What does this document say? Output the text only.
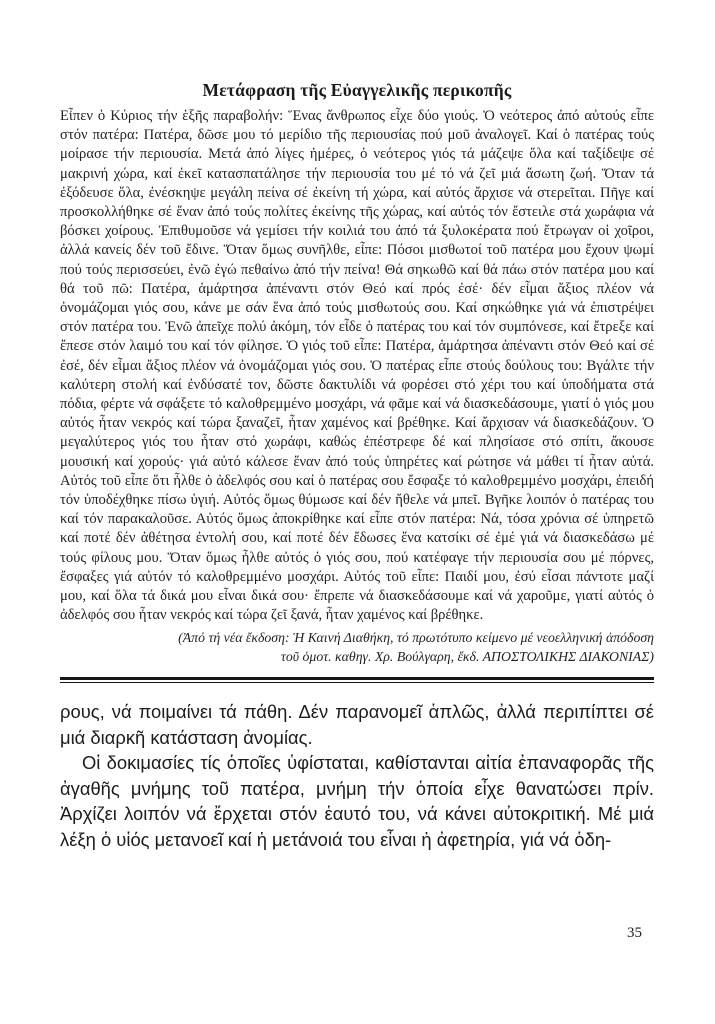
Μετάφραση τῆς Εὐαγγελικῆς περικοπῆς
Εἶπεν ὁ Κύριος τήν ἑξῆς παραβολήν: Ἕνας ἄνθρωπος εἶχε δύο γιούς. Ὁ νεότερος ἀπό αὐτούς εἶπε στόν πατέρα: Πατέρα, δῶσε μου τό μερίδιο τῆς περιουσίας πού μοῦ ἀναλογεῖ. Καί ὁ πατέρας τούς μοίρασε τήν περιουσία. Μετά ἀπό λίγες ἡμέρες, ὁ νεότερος γιός τά μάζεψε ὅλα καί ταξίδεψε σέ μακρινή χώρα, καί ἐκεῖ κατασπατάλησε τήν περιουσία του μέ τό νά ζεῖ μιά ἄσωτη ζωή. Ὅταν τά ἐξόδευσε ὅλα, ἐνέσκηψε μεγάλη πείνα σέ ἐκείνη τή χώρα, καί αὐτός ἄρχισε νά στερεῖται. Πῆγε καί προσκολλήθηκε σέ ἕναν ἀπό τούς πολίτες ἐκείνης τῆς χώρας, καί αὐτός τόν ἔστειλε στά χωράφια νά βόσκει χοίρους. Ἐπιθυμοῦσε νά γεμίσει τήν κοιλιά του ἀπό τά ξυλοκέρατα πού ἔτρωγαν οἱ χοῖροι, ἀλλά κανείς δέν τοῦ ἔδινε. Ὅταν ὅμως συνῆλθε, εἶπε: Πόσοι μισθωτοί τοῦ πατέρα μου ἔχουν ψωμί πού τούς περισσεύει, ἐνῶ ἐγώ πεθαίνω ἀπό τήν πείνα! Θά σηκωθῶ καί θά πάω στόν πατέρα μου καί θά τοῦ πῶ: Πατέρα, ἁμάρτησα ἀπέναντι στόν Θεό καί πρός ἐσέ· δέν εἶμαι ἄξιος πλέον νά ὀνομάζομαι γιός σου, κάνε με σάν ἕνα ἀπό τούς μισθωτούς σου. Καί σηκώθηκε γιά νά ἐπιστρέψει στόν πατέρα του. Ἐνῶ ἀπεῖχε πολύ ἀκόμη, τόν εἶδε ὁ πατέρας του καί τόν συμπόνεσε, καί ἔτρεξε καί ἔπεσε στόν λαιμό του καί τόν φίλησε. Ὁ γιός τοῦ εἶπε: Πατέρα, ἁμάρτησα ἀπέναντι στόν Θεό καί σέ ἐσέ, δέν εἶμαι ἄξιος πλέον νά ὀνομάζομαι γιός σου. Ὁ πατέρας εἶπε στούς δούλους του: Βγάλτε τήν καλύτερη στολή καί ἐνδύσατέ τον, δῶστε δακτυλίδι νά φορέσει στό χέρι του καί ὑποδήματα στά πόδια, φέρτε νά σφάξετε τό καλοθρεμμένο μοσχάρι, νά φᾶμε καί νά διασκεδάσουμε, γιατί ὁ γιός μου αὐτός ἦταν νεκρός καί τώρα ξαναζεῖ, ἦταν χαμένος καί βρέθηκε. Καί ἄρχισαν νά διασκεδάζουν. Ὁ μεγαλύτερος γιός του ἦταν στό χωράφι, καθώς ἐπέστρεφε δέ καί πλησίασε στό σπίτι, ἄκουσε μουσική καί χορούς· γιά αὐτό κάλεσε ἕναν ἀπό τούς ὑπηρέτες καί ρώτησε νά μάθει τί ἦταν αὐτά. Αὐτός τοῦ εἶπε ὅτι ἦλθε ὁ ἀδελφός σου καί ὁ πατέρας σου ἔσφαξε τό καλοθρεμμένο μοσχάρι, ἐπειδή τόν ὑποδέχθηκε πίσω ὑγιή. Αὐτός ὅμως θύμωσε καί δέν ἤθελε νά μπεῖ. Βγῆκε λοιπόν ὁ πατέρας του καί τόν παρακαλοῦσε. Αὐτός ὅμως ἀποκρίθηκε καί εἶπε στόν πατέρα: Νά, τόσα χρόνια σέ ὑπηρετῶ καί ποτέ δέν ἀθέτησα ἐντολή σου, καί ποτέ δέν ἔδωσες ἕνα κατσίκι σέ ἐμέ γιά νά διασκεδάσω μέ τούς φίλους μου. Ὅταν ὅμως ἦλθε αὐτός ὁ γιός σου, πού κατέφαγε τήν περιουσία σου μέ πόρνες, ἔσφαξες γιά αὐτόν τό καλοθρεμμένο μοσχάρι. Αὐτός τοῦ εἶπε: Παιδί μου, ἐσύ εἶσαι πάντοτε μαζί μου, καί ὅλα τά δικά μου εἶναι δικά σου· ἔπρεπε νά διασκεδάσουμε καί νά χαροῦμε, γιατί αὐτός ὁ ἀδελφός σου ἦταν νεκρός καί τώρα ζεῖ ξανά, ἦταν χαμένος καί βρέθηκε.
(Ἀπό τή νέα ἔκδοση: Ἡ Καινή Διαθήκη, τό πρωτότυπο κείμενο μέ νεοελληνική ἀπόδοση
τοῦ ὁμοτ. καθηγ. Χρ. Βούλγαρη, ἔκδ. ΑΠΟΣΤΟΛΙΚΗΣ ΔΙΑΚΟΝΙΑΣ)

ρους, νά ποιμαίνει τά πάθη. Δέν παρανομεῖ ἁπλῶς, ἀλλά περιπίπτει σέ μιά διαρκῆ κατάσταση ἀνομίας.

Οἱ δοκιμασίες τίς ὁποῖες ὑφίσταται, καθίστανται αἰτία ἐπαναφορᾶς τῆς ἀγαθῆς μνήμης τοῦ πατέρα, μνήμη τήν ὁποία εἶχε θανατώσει πρίν. Ἀρχίζει λοιπόν νά ἔρχεται στόν ἑαυτό του, νά κάνει αὐτοκριτική. Μέ μιά λέξη ὁ υἱός μετανοεῖ καί ἡ μετάνοιά του εἶναι ἡ ἀφετηρία, γιά νά ὁδη-

35
